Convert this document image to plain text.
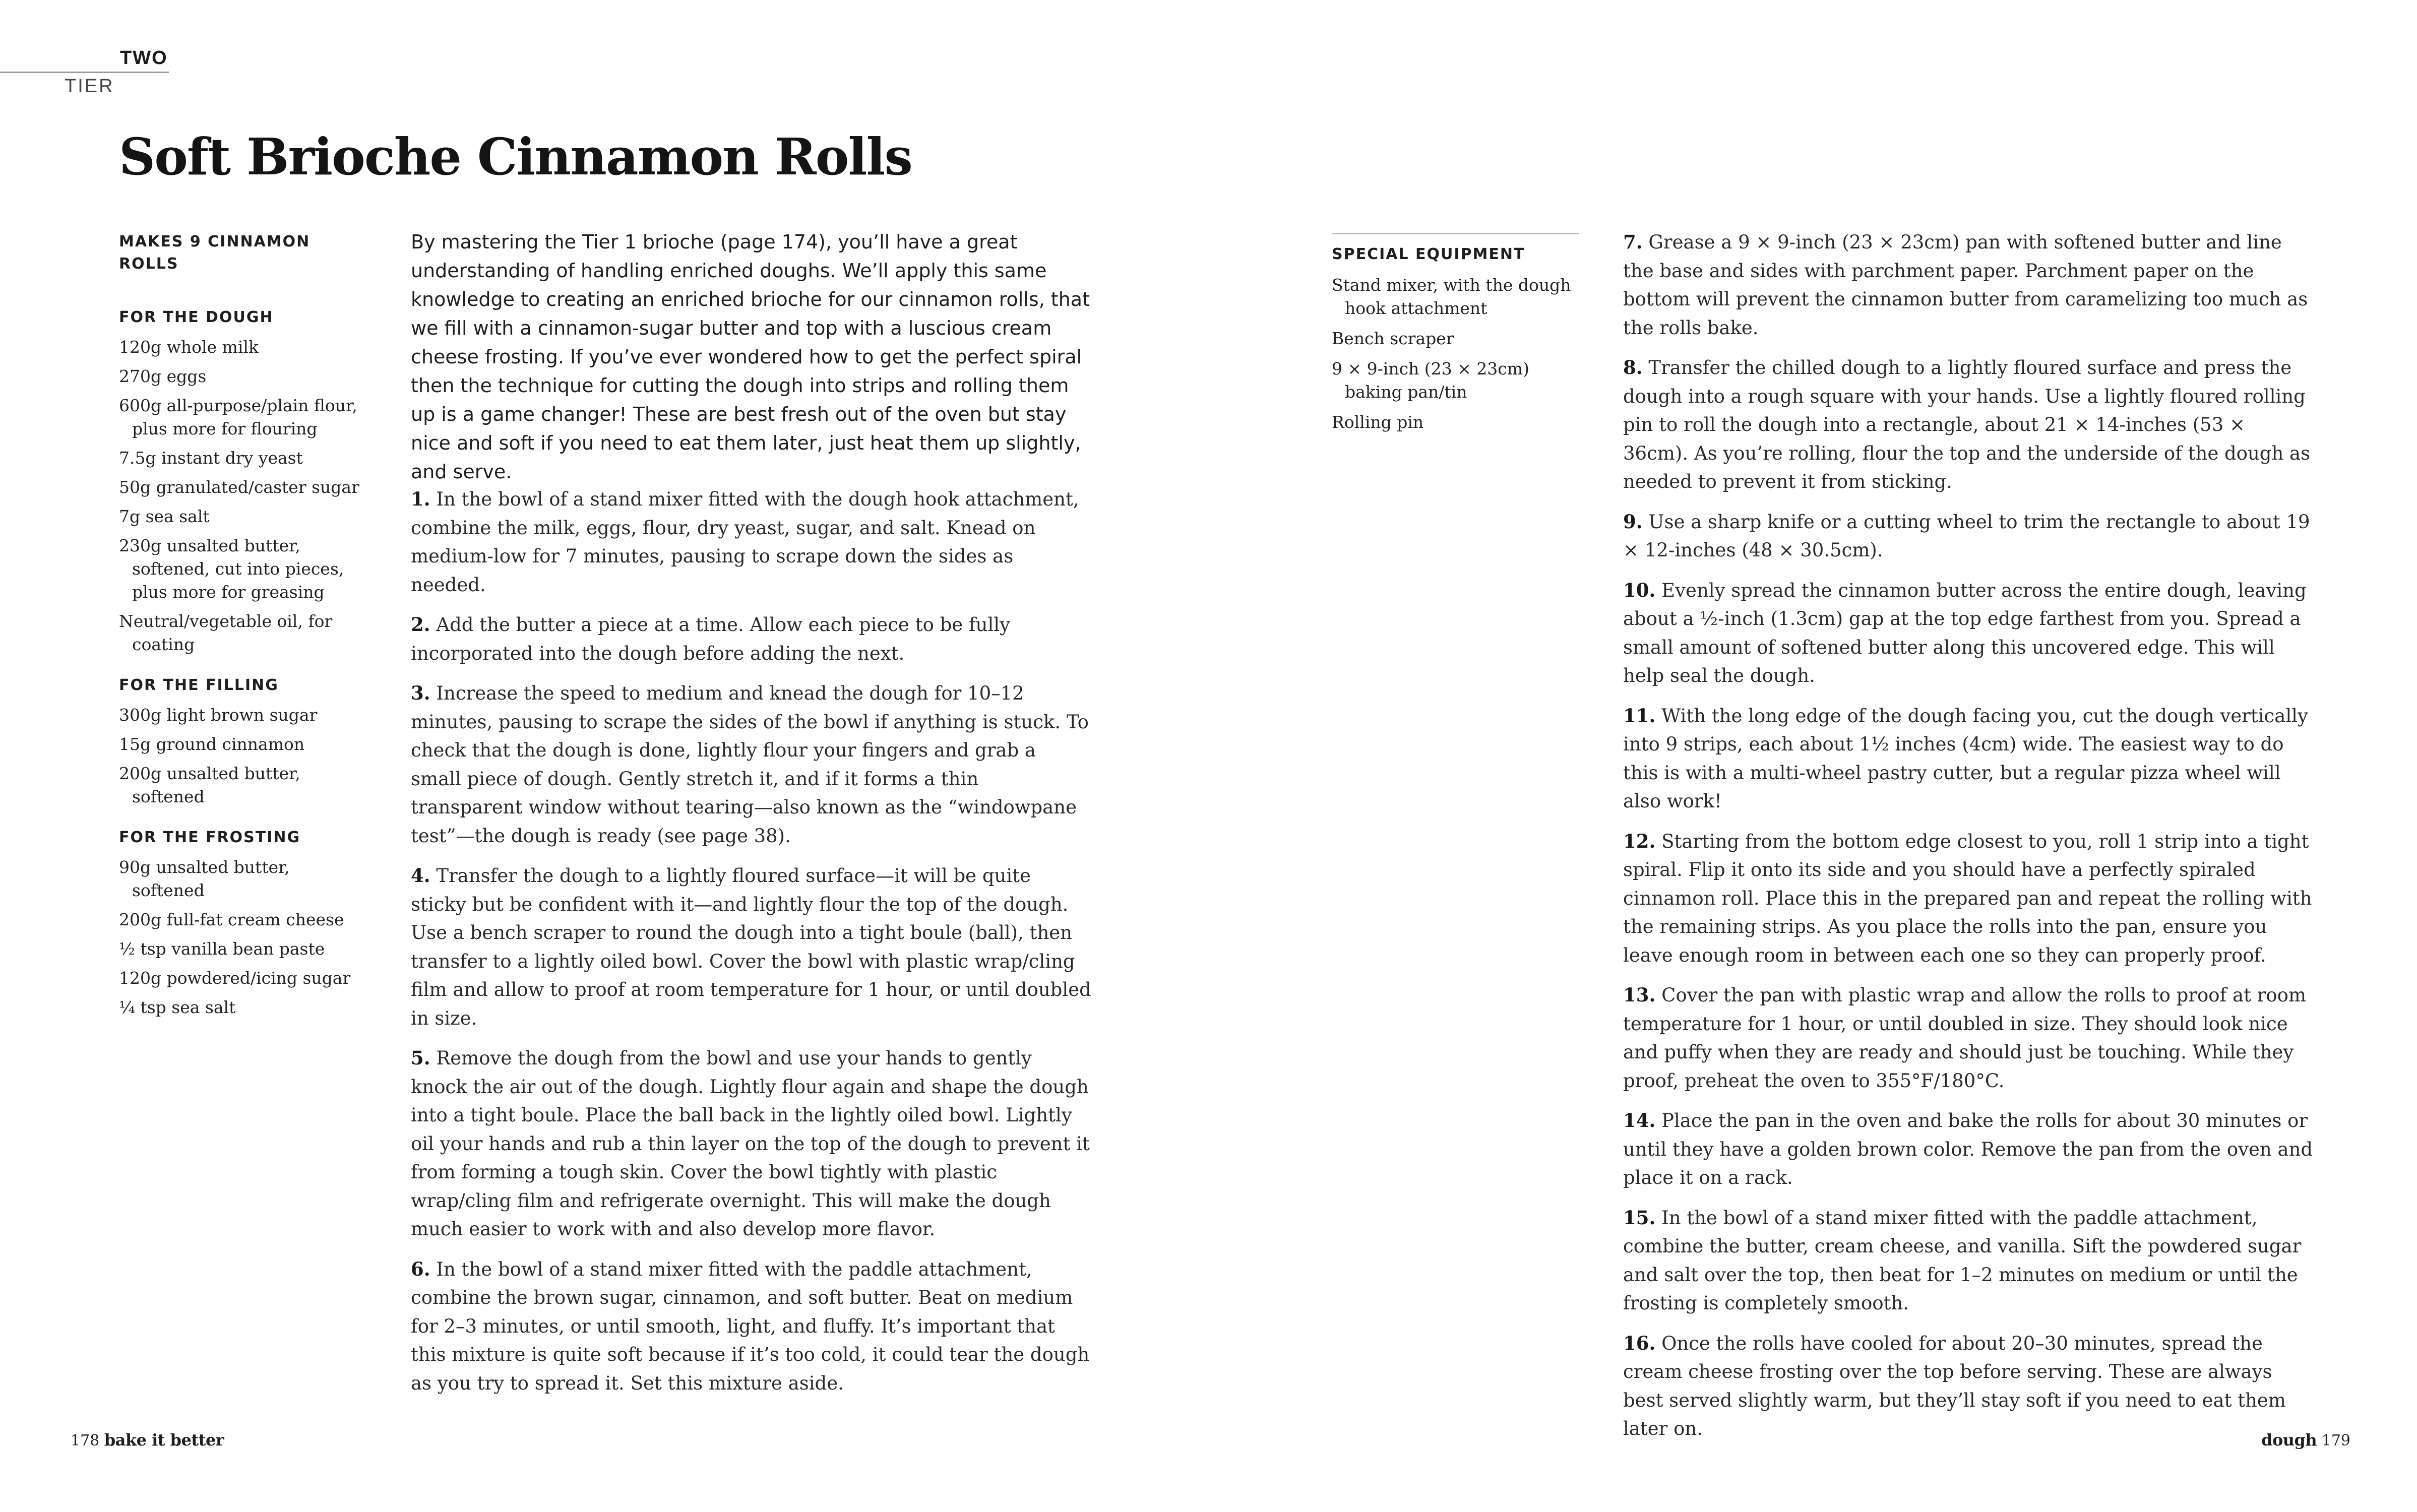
TWO
TIER
Soft Brioche Cinnamon Rolls
MAKES 9 CINNAMON ROLLS
FOR THE DOUGH
120g whole milk
270g eggs
600g all-purpose/plain flour, plus more for flouring
7.5g instant dry yeast
50g granulated/caster sugar
7g sea salt
230g unsalted butter, softened, cut into pieces, plus more for greasing
Neutral/vegetable oil, for coating
FOR THE FILLING
300g light brown sugar
15g ground cinnamon
200g unsalted butter, softened
FOR THE FROSTING
90g unsalted butter, softened
200g full-fat cream cheese
½ tsp vanilla bean paste
120g powdered/icing sugar
¼ tsp sea salt

By mastering the Tier 1 brioche (page 174), you’ll have a great understanding of handling enriched doughs. We’ll apply this same knowledge to creating an enriched brioche for our cinnamon rolls, that we fill with a cinnamon-sugar butter and top with a luscious cream cheese frosting. If you’ve ever wondered how to get the perfect spiral then the technique for cutting the dough into strips and rolling them up is a game changer! These are best fresh out of the oven but stay nice and soft if you need to eat them later, just heat them up slightly, and serve.

1. In the bowl of a stand mixer fitted with the dough hook attachment, combine the milk, eggs, flour, dry yeast, sugar, and salt. Knead on medium-low for 7 minutes, pausing to scrape down the sides as needed.

2. Add the butter a piece at a time. Allow each piece to be fully incorporated into the dough before adding the next.

3. Increase the speed to medium and knead the dough for 10–12 minutes, pausing to scrape the sides of the bowl if anything is stuck. To check that the dough is done, lightly flour your fingers and grab a small piece of dough. Gently stretch it, and if it forms a thin transparent window without tearing—also known as the “windowpane test”—the dough is ready (see page 38).

4. Transfer the dough to a lightly floured surface—it will be quite sticky but be confident with it—and lightly flour the top of the dough. Use a bench scraper to round the dough into a tight boule (ball), then transfer to a lightly oiled bowl. Cover the bowl with plastic wrap/cling film and allow to proof at room temperature for 1 hour, or until doubled in size.

5. Remove the dough from the bowl and use your hands to gently knock the air out of the dough. Lightly flour again and shape the dough into a tight boule. Place the ball back in the lightly oiled bowl. Lightly oil your hands and rub a thin layer on the top of the dough to prevent it from forming a tough skin. Cover the bowl tightly with plastic wrap/cling film and refrigerate overnight. This will make the dough much easier to work with and also develop more flavor.

6. In the bowl of a stand mixer fitted with the paddle attachment, combine the brown sugar, cinnamon, and soft butter. Beat on medium for 2–3 minutes, or until smooth, light, and fluffy. It’s important that this mixture is quite soft because if it’s too cold, it could tear the dough as you try to spread it. Set this mixture aside.

SPECIAL EQUIPMENT
Stand mixer, with the dough hook attachment
Bench scraper
9 × 9-inch (23 × 23cm) baking pan/tin
Rolling pin

7. Grease a 9 × 9-inch (23 × 23cm) pan with softened butter and line the base and sides with parchment paper. Parchment paper on the bottom will prevent the cinnamon butter from caramelizing too much as the rolls bake.

8. Transfer the chilled dough to a lightly floured surface and press the dough into a rough square with your hands. Use a lightly floured rolling pin to roll the dough into a rectangle, about 21 × 14-inches (53 × 36cm). As you’re rolling, flour the top and the underside of the dough as needed to prevent it from sticking.

9. Use a sharp knife or a cutting wheel to trim the rectangle to about 19 × 12-inches (48 × 30.5cm).

10. Evenly spread the cinnamon butter across the entire dough, leaving about a ½-inch (1.3cm) gap at the top edge farthest from you. Spread a small amount of softened butter along this uncovered edge. This will help seal the dough.

11. With the long edge of the dough facing you, cut the dough vertically into 9 strips, each about 1½ inches (4cm) wide. The easiest way to do this is with a multi-wheel pastry cutter, but a regular pizza wheel will also work!

12. Starting from the bottom edge closest to you, roll 1 strip into a tight spiral. Flip it onto its side and you should have a perfectly spiraled cinnamon roll. Place this in the prepared pan and repeat the rolling with the remaining strips. As you place the rolls into the pan, ensure you leave enough room in between each one so they can properly proof.

13. Cover the pan with plastic wrap and allow the rolls to proof at room temperature for 1 hour, or until doubled in size. They should look nice and puffy when they are ready and should just be touching. While they proof, preheat the oven to 355°F/180°C.

14. Place the pan in the oven and bake the rolls for about 30 minutes or until they have a golden brown color. Remove the pan from the oven and place it on a rack.

15. In the bowl of a stand mixer fitted with the paddle attachment, combine the butter, cream cheese, and vanilla. Sift the powdered sugar and salt over the top, then beat for 1–2 minutes on medium or until the frosting is completely smooth.

16. Once the rolls have cooled for about 20–30 minutes, spread the cream cheese frosting over the top before serving. These are always best served slightly warm, but they’ll stay soft if you need to eat them later on.

178 bake it better	dough 179
